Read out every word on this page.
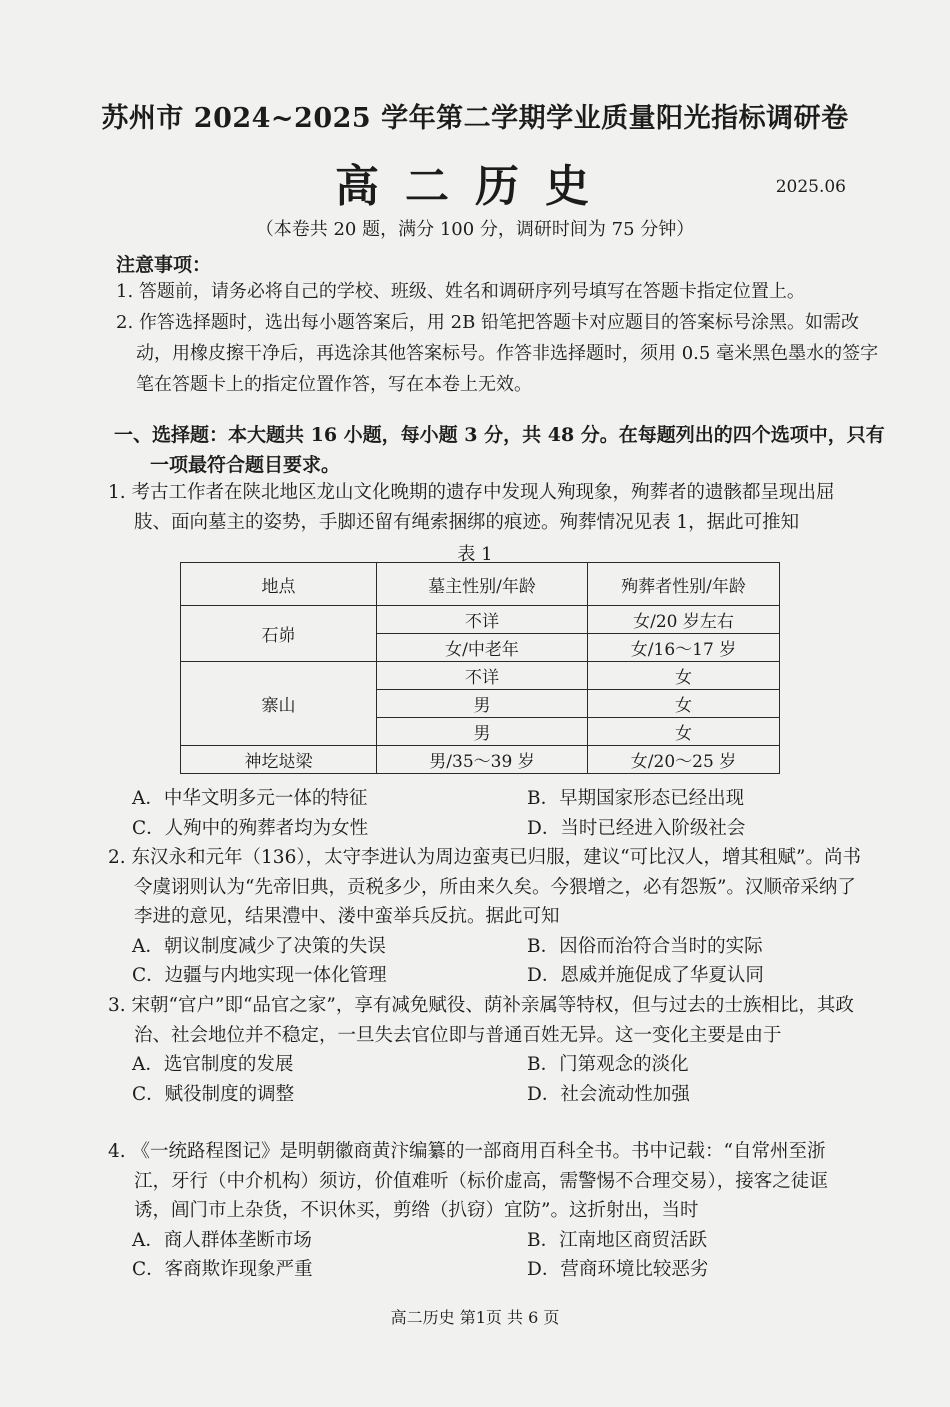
苏州市 2024~2025 学年第二学期学业质量阳光指标调研卷
高二历史	2025.06
（本卷共 20 题，满分 100 分，调研时间为 75 分钟）
注意事项：
1. 答题前，请务必将自己的学校、班级、姓名和调研序列号填写在答题卡指定位置上。
2. 作答选择题时，选出每小题答案后，用 2B 铅笔把答题卡对应题目的答案标号涂黑。如需改动，用橡皮擦干净后，再选涂其他答案标号。作答非选择题时，须用 0.5 毫米黑色墨水的签字笔在答题卡上的指定位置作答，写在本卷上无效。
一、选择题：本大题共 16 小题，每小题 3 分，共 48 分。在每题列出的四个选项中，只有一项最符合题目要求。
1. 考古工作者在陕北地区龙山文化晚期的遗存中发现人殉现象，殉葬者的遗骸都呈现出屈肢、面向墓主的姿势，手脚还留有绳索捆绑的痕迹。殉葬情况见表 1，据此可推知
表 1
地点	墓主性别/年龄	殉葬者性别/年龄
石峁	不详	女/20 岁左右
	女/中老年	女/16～17 岁
寨山	不详	女
	男	女
	男	女
神圪垯梁	男/35～39 岁	女/20～25 岁
A．中华文明多元一体的特征	B．早期国家形态已经出现
C．人殉中的殉葬者均为女性	D．当时已经进入阶级社会
2. 东汉永和元年（136），太守李进认为周边蛮夷已归服，建议“可比汉人，增其租赋”。尚书令虞诩则认为“先帝旧典，贡税多少，所由来久矣。今猥增之，必有怨叛”。汉顺帝采纳了李进的意见，结果澧中、溇中蛮举兵反抗。据此可知
A．朝议制度减少了决策的失误	B．因俗而治符合当时的实际
C．边疆与内地实现一体化管理	D．恩威并施促成了华夏认同
3. 宋朝“官户”即“品官之家”，享有减免赋役、荫补亲属等特权，但与过去的士族相比，其政治、社会地位并不稳定，一旦失去官位即与普通百姓无异。这一变化主要是由于
A．选官制度的发展	B．门第观念的淡化
C．赋役制度的调整	D．社会流动性加强
4. 《一统路程图记》是明朝徽商黄汴编纂的一部商用百科全书。书中记载：“自常州至浙江，牙行（中介机构）须访，价值难听（标价虚高，需警惕不合理交易），接客之徒诓诱，阊门市上杂货，不识休买，剪绺（扒窃）宜防”。这折射出，当时
A．商人群体垄断市场	B．江南地区商贸活跃
C．客商欺诈现象严重	D．营商环境比较恶劣
高二历史 第1页 共 6 页
